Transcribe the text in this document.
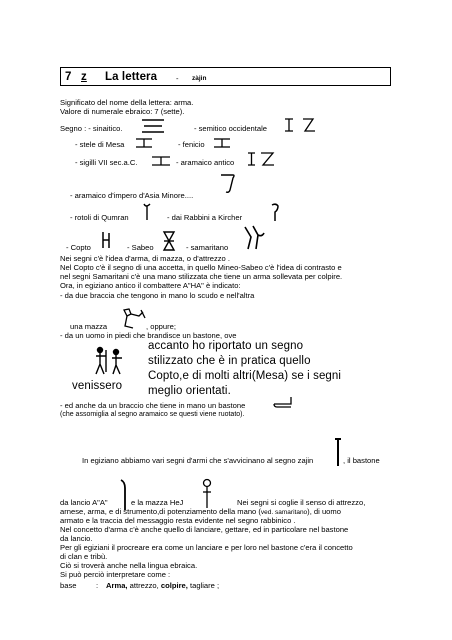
7 z La lettera - zàjin
Significato del nome della lettera: arma.
Valore di numerale ebraico: 7 (sette).
Segno : - sinaitico.	- semitico occidentale
- stele di Mesa	- fenicio
- sigilli VII sec.a.C.	- aramaico antico
- aramaico d'impero d'Asia Minore....
- rotoli di Qumran	- dai Rabbini a Kircher
- Copto	- Sabeo	- samaritano
Nei segni c'è l'idea d'arma, di mazza, o d'attrezzo .
Nel Copto c'è il segno di una accetta, in quello Mineo-Sabeo c'è l'idea di contrasto e
nel segni Samaritani c'è una mano stilizzata che tiene un arma sollevata per colpire.
Ora, in egiziano antico il combattere A"HA" è indicato:
- da due braccia che tengono in mano lo scudo e nell'altra
una mazza	, oppure;
- da un uomo in piedi che brandisce un bastone, ove
accanto ho riportato un segno
stilizzato che è in pratica quello
Copto,e di molti altri(Mesa) se i segni
venissero meglio orientati.
- ed anche da un braccio che tiene in mano un bastone
(che assomiglia al segno aramaico se questi viene ruotato).
In egiziano abbiamo vari segni d'armi che s'avvicinano al segno zajin	, il bastone
da lancio A"A"	e la mazza HeJ	Nei segni si coglie il senso di attrezzo,
arnese, arma, e di strumento,di potenziamento della mano (ved. samaritano), di uomo
armato e la traccia del messaggio resta evidente nel segno rabbinico .
Nel concetto d'arma c'è anche quello di lanciare, gettare, ed in particolare nel bastone
da lancio.
Per gli egiziani il procreare era come un lanciare e per loro nel bastone c'era il concetto
di clan e tribù.
Ciò si troverà anche nella lingua ebraica.
Si può perciò interpretare come :
base	: Arma, attrezzo, colpire, tagliare ;
